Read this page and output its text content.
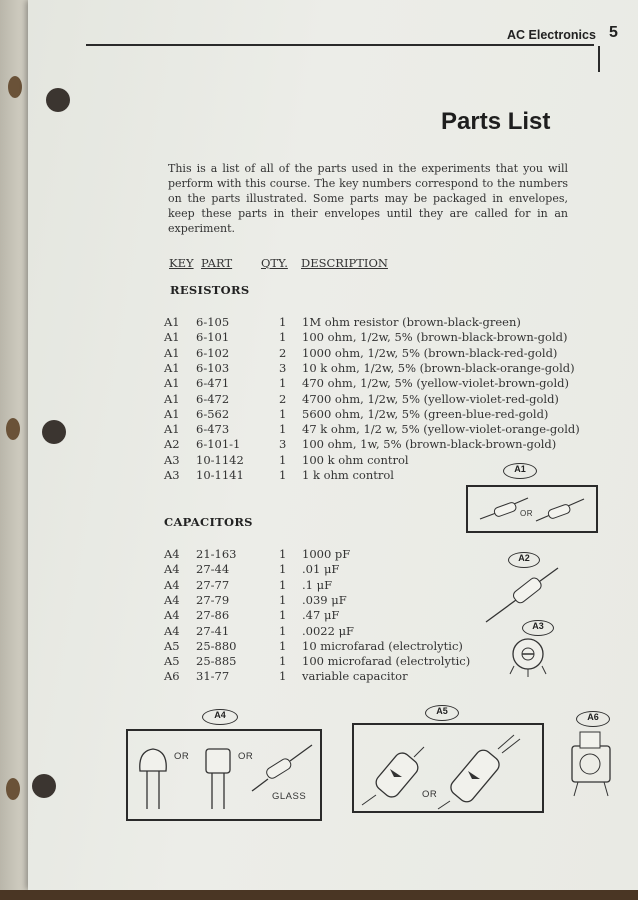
AC Electronics 5
Parts List
This is a list of all of the parts used in the experiments that you will perform with this course. The key numbers correspond to the numbers on the parts illustrated. Some parts may be packaged in envelopes, keep these parts in their envelopes until they are called for in an experiment.
KEY PART	QTY. DESCRIPTION
RESISTORS
A1 6-105	1 1M ohm resistor (brown-black-green)
A1 6-101	1 100 ohm, 1/2w, 5% (brown-black-brown-gold)
A1 6-102	2 1000 ohm, 1/2w, 5% (brown-black-red-gold)
A1 6-103	3 10 k ohm, 1/2w, 5% (brown-black-orange-gold)
A1 6-471	1 470 ohm, 1/2w, 5% (yellow-violet-brown-gold)
A1 6-472	2 4700 ohm, 1/2w, 5% (yellow-violet-red-gold)
A1 6-562	1 5600 ohm, 1/2w, 5% (green-blue-red-gold)
A1 6-473	1 47 k ohm, 1/2 w, 5% (yellow-violet-orange-gold)
A2 6-101-1	3 100 ohm, 1w, 5% (brown-black-brown-gold)
A3 10-1142	1 100 k ohm control
A3 10-1141	1 1 k ohm control
CAPACITORS
A4 21-163	1 1000 pF
A4 27-44	1 .01 μF
A4 27-77	1 .1 μF
A4 27-79	1 .039 μF
A4 27-86	1 .47 μF
A4 27-41	1 .0022 μF
A5 25-880	1 10 microfarad (electrolytic)
A5 25-885	1 100 microfarad (electrolytic)
A6 31-77	1 variable capacitor
A1
OR
A2
A3
A4
OR	OR
GLASS
A5
OR
A6
